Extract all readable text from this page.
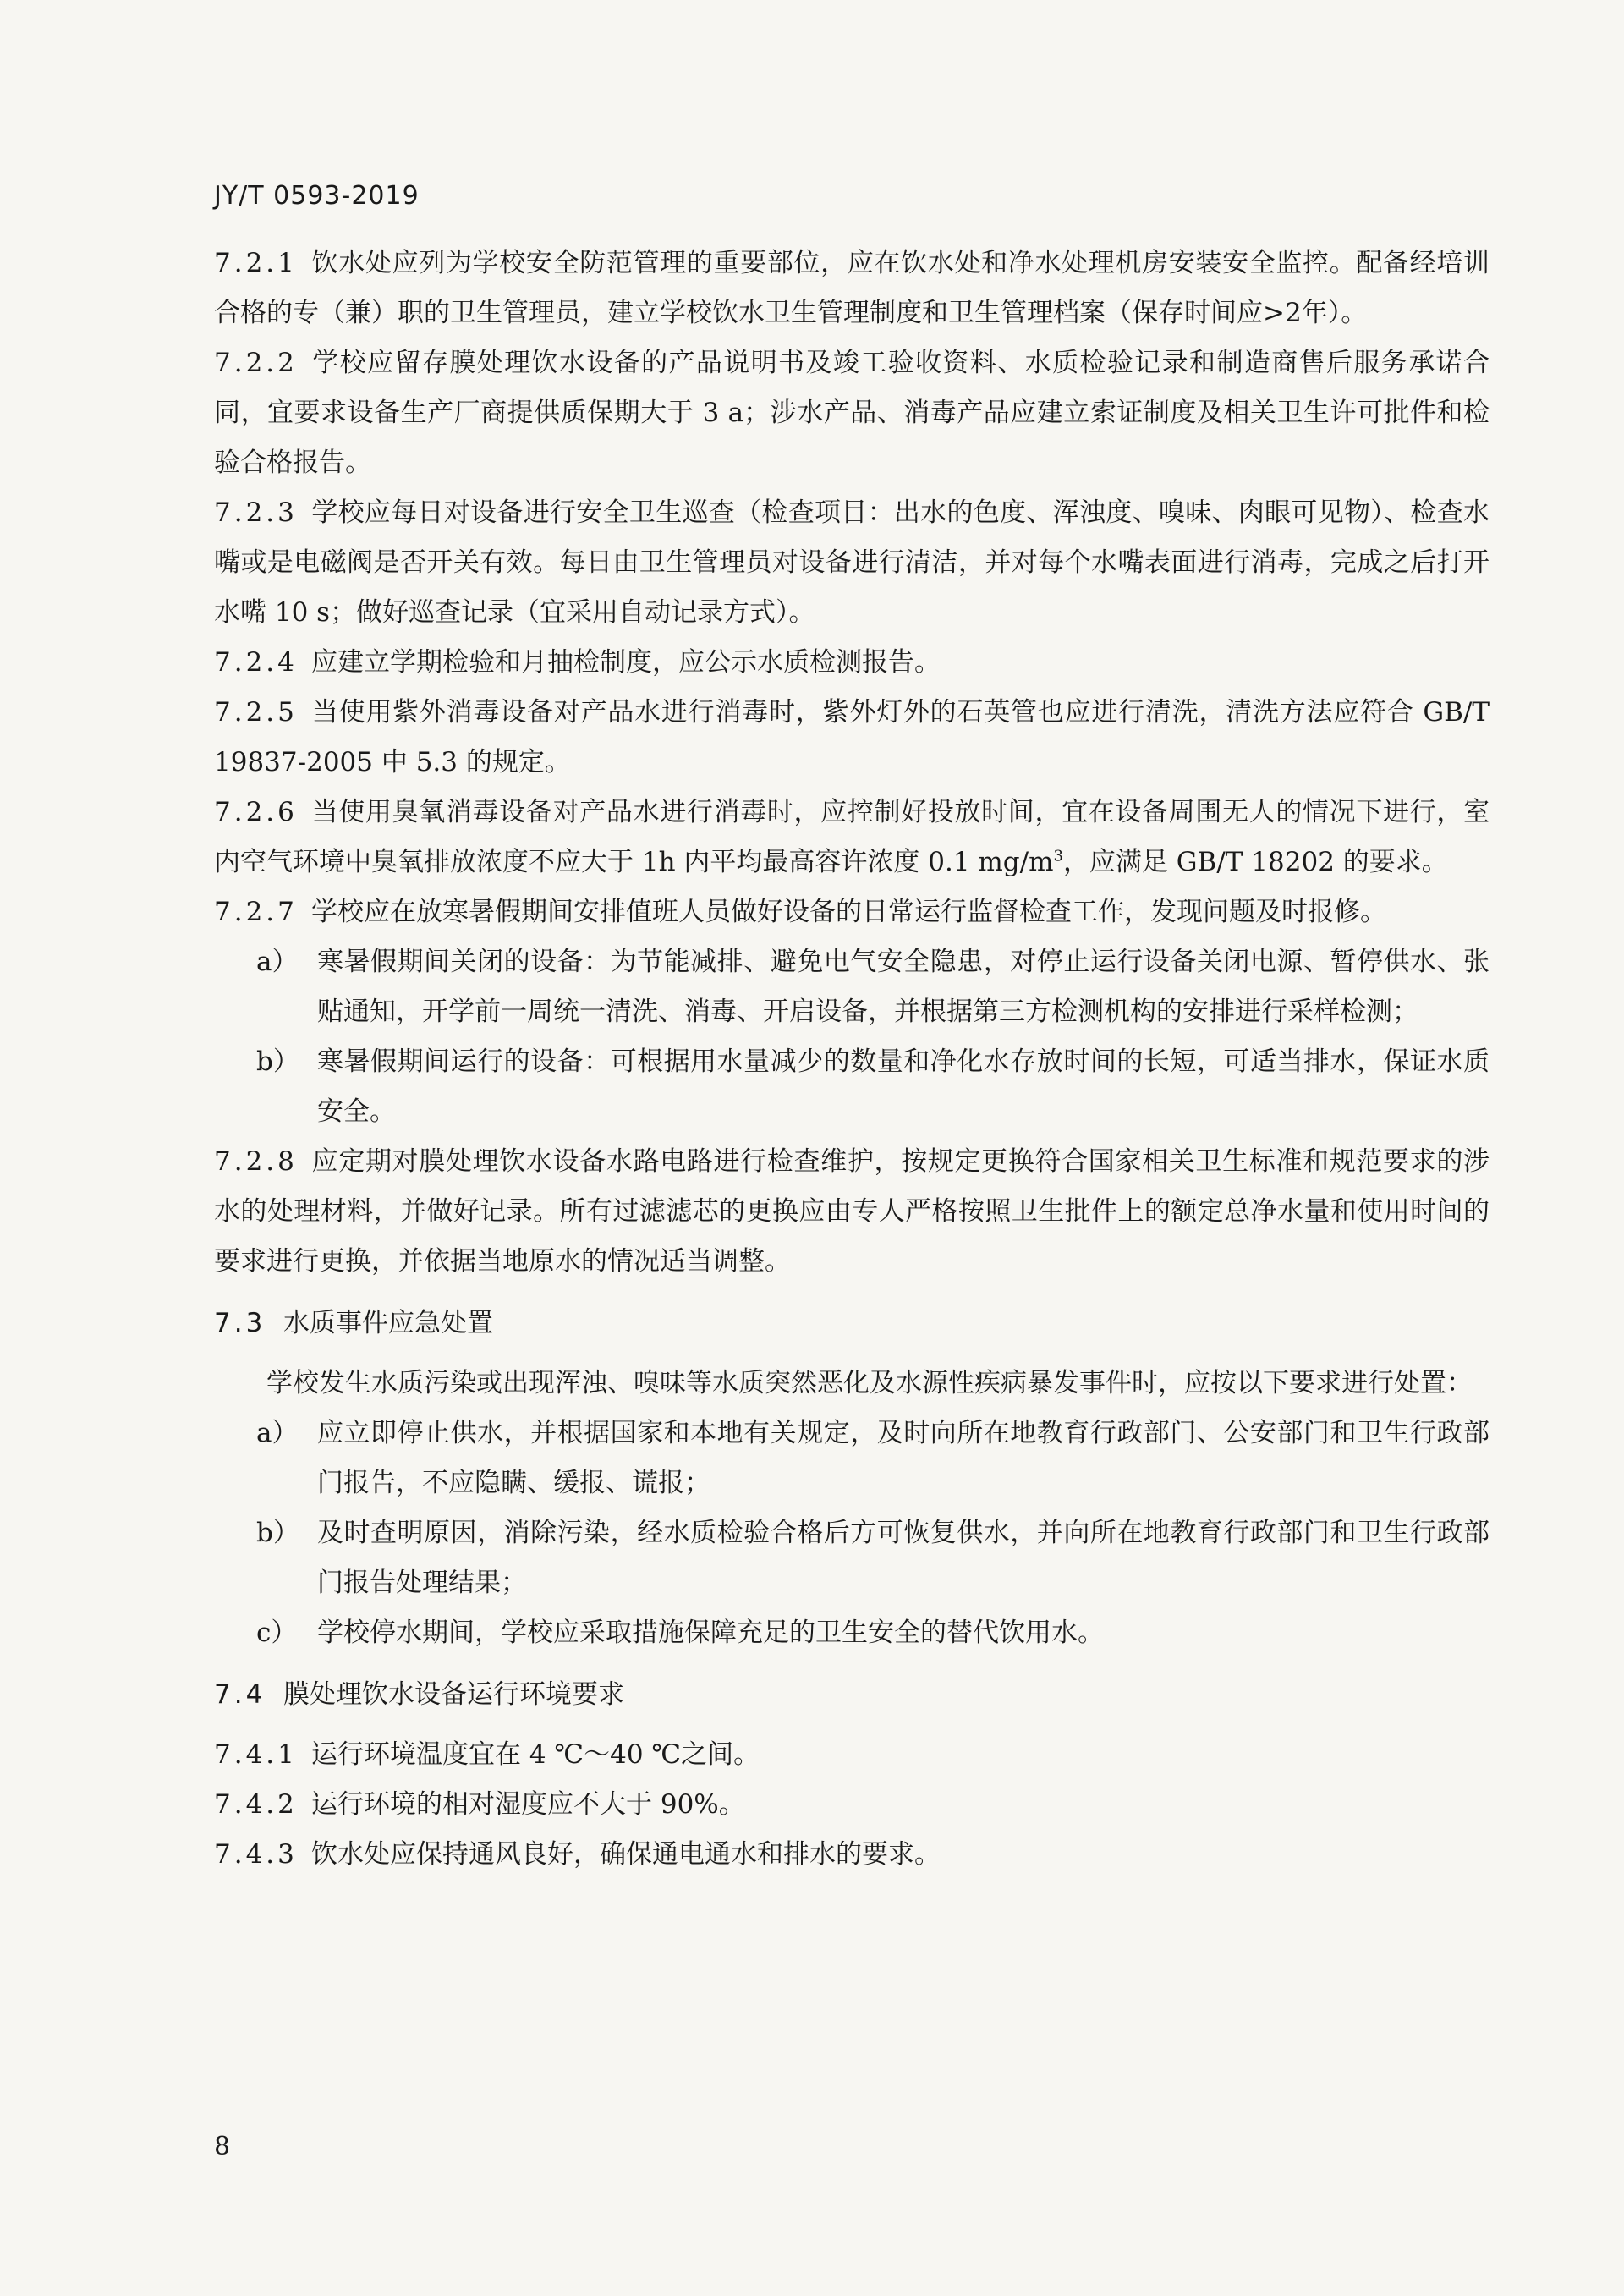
JY/T 0593-2019

7.2.1 饮水处应列为学校安全防范管理的重要部位，应在饮水处和净水处理机房安装安全监控。配备经培训合格的专（兼）职的卫生管理员，建立学校饮水卫生管理制度和卫生管理档案（保存时间应>2年）。

7.2.2 学校应留存膜处理饮水设备的产品说明书及竣工验收资料、水质检验记录和制造商售后服务承诺合同，宜要求设备生产厂商提供质保期大于 3 a；涉水产品、消毒产品应建立索证制度及相关卫生许可批件和检验合格报告。

7.2.3 学校应每日对设备进行安全卫生巡查（检查项目：出水的色度、浑浊度、嗅味、肉眼可见物）、检查水嘴或是电磁阀是否开关有效。每日由卫生管理员对设备进行清洁，并对每个水嘴表面进行消毒，完成之后打开水嘴 10 s；做好巡查记录（宜采用自动记录方式）。

7.2.4 应建立学期检验和月抽检制度，应公示水质检测报告。

7.2.5 当使用紫外消毒设备对产品水进行消毒时，紫外灯外的石英管也应进行清洗，清洗方法应符合 GB/T 19837-2005 中 5.3 的规定。

7.2.6 当使用臭氧消毒设备对产品水进行消毒时，应控制好投放时间，宜在设备周围无人的情况下进行，室内空气环境中臭氧排放浓度不应大于 1h 内平均最高容许浓度 0.1 $mg/m^3$，应满足 GB/T 18202 的要求。

7.2.7 学校应在放寒暑假期间安排值班人员做好设备的日常运行监督检查工作，发现问题及时报修。

a） 寒暑假期间关闭的设备：为节能减排、避免电气安全隐患，对停止运行设备关闭电源、暂停供水、张贴通知，开学前一周统一清洗、消毒、开启设备，并根据第三方检测机构的安排进行采样检测；
b） 寒暑假期间运行的设备：可根据用水量减少的数量和净化水存放时间的长短，可适当排水，保证水质安全。

7.2.8 应定期对膜处理饮水设备水路电路进行检查维护，按规定更换符合国家相关卫生标准和规范要求的涉水的处理材料，并做好记录。所有过滤滤芯的更换应由专人严格按照卫生批件上的额定总净水量和使用时间的要求进行更换，并依据当地原水的情况适当调整。

7.3 水质事件应急处置

学校发生水质污染或出现浑浊、嗅味等水质突然恶化及水源性疾病暴发事件时，应按以下要求进行处置：

a） 应立即停止供水，并根据国家和本地有关规定，及时向所在地教育行政部门、公安部门和卫生行政部门报告，不应隐瞒、缓报、谎报；
b） 及时查明原因，消除污染，经水质检验合格后方可恢复供水，并向所在地教育行政部门和卫生行政部门报告处理结果；
c） 学校停水期间，学校应采取措施保障充足的卫生安全的替代饮用水。
7.4 膜处理饮水设备运行环境要求

7.4.1 运行环境温度宜在 4 ℃～40 ℃之间。

7.4.2 运行环境的相对湿度应不大于 90%。

7.4.3 饮水处应保持通风良好，确保通电通水和排水的要求。

8
